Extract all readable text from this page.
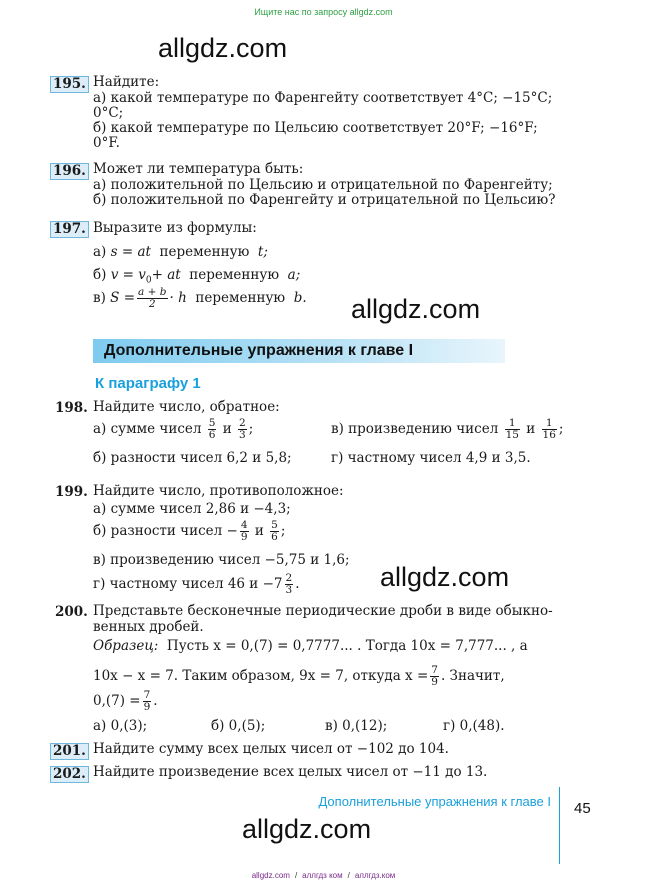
Ищите нас по запросу allgdz.com
allgdz.com
allgdz.com
allgdz.com
allgdz.com
195. Найдите:
а) какой температуре по Фаренгейту соответствует 4°С; −15°С;
0°С;
б) какой температуре по Цельсию соответствует 20°F; −16°F;
0°F.
196. Может ли температура быть:
а) положительной по Цельсию и отрицательной по Фаренгейту;
б) положительной по Фаренгейту и отрицательной по Цельсию?
197. Выразите из формулы:
а) s = at переменную t;
б) $v = v_0+$ at переменную a;
в) $S = \frac{a + b}{2} \cdot h$ переменную b.
Дополнительные упражнения к главе I
К параграфу 1
198. Найдите число, обратное:
а) сумме чисел $\frac{5}{6}$ и $\frac{2}{3}$ ;	в) произведению чисел $\frac{1}{15}$ и $\frac{1}{16}$ ;
б) разности чисел 6,2 и 5,8;	г) частному чисел 4,9 и 3,5.
199. Найдите число, противоположное:
а) сумме чисел 2,86 и −4,3;
б) разности чисел − $\frac{4}{9}$ и $\frac{5}{6}$ ;
в) произведению чисел −5,75 и 1,6;
г) частному чисел 46 $и -7 \frac{2}{3}$ .
200. Представьте бесконечные периодические дроби в виде обыкно-
венных дробей.
Образец: Пусть x = 0,(7) = 0,7777... . Тогда 10x = 7,777... , а
10x − x = 7. Таким образом, 9x = 7, откуда $x = \frac{7}{9}$ . Значит,
$0,(7) = \frac{7}{9}$ .
а) 0,(3);	б) 0,(5);	в) 0,(12);	г) 0,(48).
201. Найдите сумму всех целых чисел от −102 до 104.
202. Найдите произведение всех целых чисел от −11 до 13.
Дополнительные упражнения к главе I 45
allgdz.com / аллгдз ком / аллгдз.ком
